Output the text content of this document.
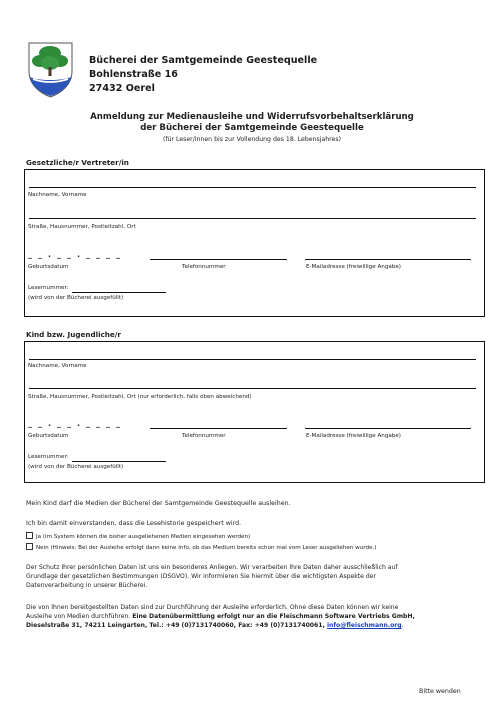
Bücherei der Samtgemeinde Geestequelle
Bohlenstraße 16
27432 Oerel
Anmeldung zur Medienausleihe und Widerrufsvorbehaltserklärung
der Bücherei der Samtgemeinde Geestequelle
(für Leser/innen bis zur Vollendung des 18. Lebensjahres)
Gesetzliche/r Vertreter/in
Nachname, Vorname
Straße, Hausnummer, Postleitzahl, Ort
_ _ . _ _ . _ _ _ _
Geburtsdatum	Telefonnummer	E-Mailadresse (freiwillige Angabe)
Lesernummer:
(wird von der Bücherei ausgefüllt)
Kind bzw. Jugendliche/r
Nachname, Vorname
Straße, Hausnummer, Postleitzahl, Ort (nur erforderlich, falls oben abweichend)
_ _ . _ _ . _ _ _ _
Geburtsdatum	Telefonnummer	E-Mailadresse (freiwillige Angabe)
Lesernummer:
(wird von der Bücherei ausgefüllt)
Mein Kind darf die Medien der Bücherei der Samtgemeinde Geestequelle ausleihen.
Ich bin damit einverstanden, dass die Lesehistorie gespeichert wird.
Ja (im System können die bisher ausgeliehenen Medien eingesehen werden)
Nein (Hinweis: Bei der Ausleihe erfolgt dann keine Info, ob das Medium bereits schon mal vom Leser ausgeliehen wurde.)
Der Schutz Ihrer persönlichen Daten ist uns ein besonderes Anliegen. Wir verarbeiten Ihre Daten daher ausschließlich auf
Grundlage der gesetzlichen Bestimmungen (DSGVO). Wir informieren Sie hiermit über die wichtigsten Aspekte der
Datenverarbeitung in unserer Bücherei.
Die von Ihnen bereitgestellten Daten sind zur Durchführung der Ausleihe erforderlich. Ohne diese Daten können wir keine
Ausleihe von Medien durchführen. Eine Datenübermittlung erfolgt nur an die Fleischmann Software Vertriebs GmbH,
Dieselstraße 31, 74211 Leingarten, Tel.: +49 (0)7131740060, Fax: +49 (0)7131740061, info@fleischmann.org.
Bitte wenden
